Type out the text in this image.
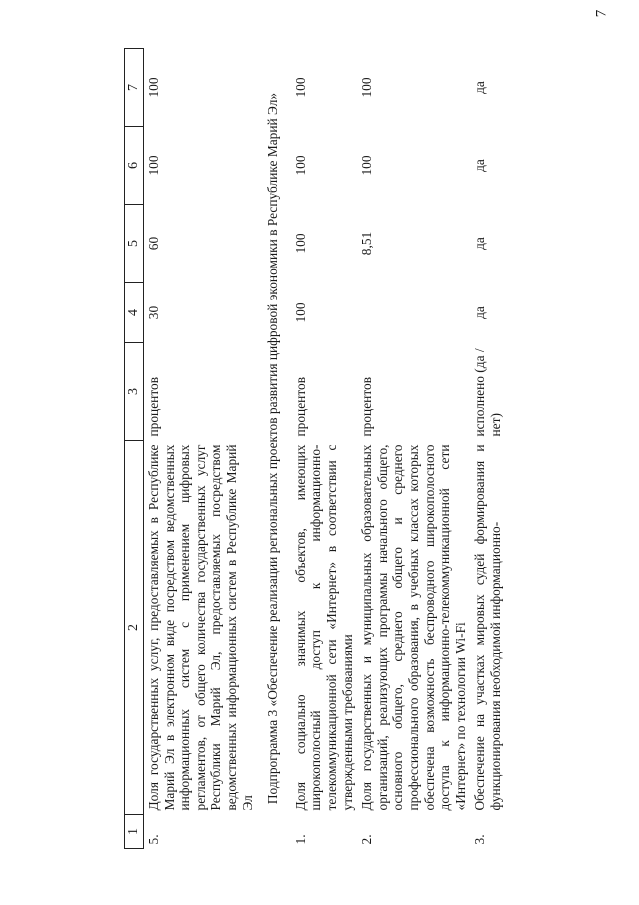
7
1	2	3	4	5	6	7
5.	Доля государственных услуг, предоставляемых в Республике Марий Эл в электронном виде посредством ведомственных информационных систем с применением цифровых регламентов, от общего количества государственных услуг Республики Марий Эл, предоставляемых посредством ведомственных информационных систем в Республике Марий Эл	процентов	30	60	100	100
Подпрограмма 3 «Обеспечение реализации региональных проектов развития цифровой экономики в Республике Марий Эл»						
1.	Доля социально значимых объектов, имеющих широкополосный доступ к информационно-телекоммуникационной сети «Интернет» в соответствии с утвержденными требованиями	процентов	100	100	100	100
2.	Доля государственных и муниципальных образовательных организаций, реализующих программы начального общего, основного общего, среднего общего и среднего профессионального образования, в учебных классах которых обеспечена возможность беспроводного широкополосного доступа к информационно-телекоммуникационной сети «Интернет» по технологии Wi-Fi	процентов		8,51	100	100
3.	Обеспечение на участках мировых судей формирования и функционирования необходимой информационно-	исполнено (да / нет)	да	да	да	да
